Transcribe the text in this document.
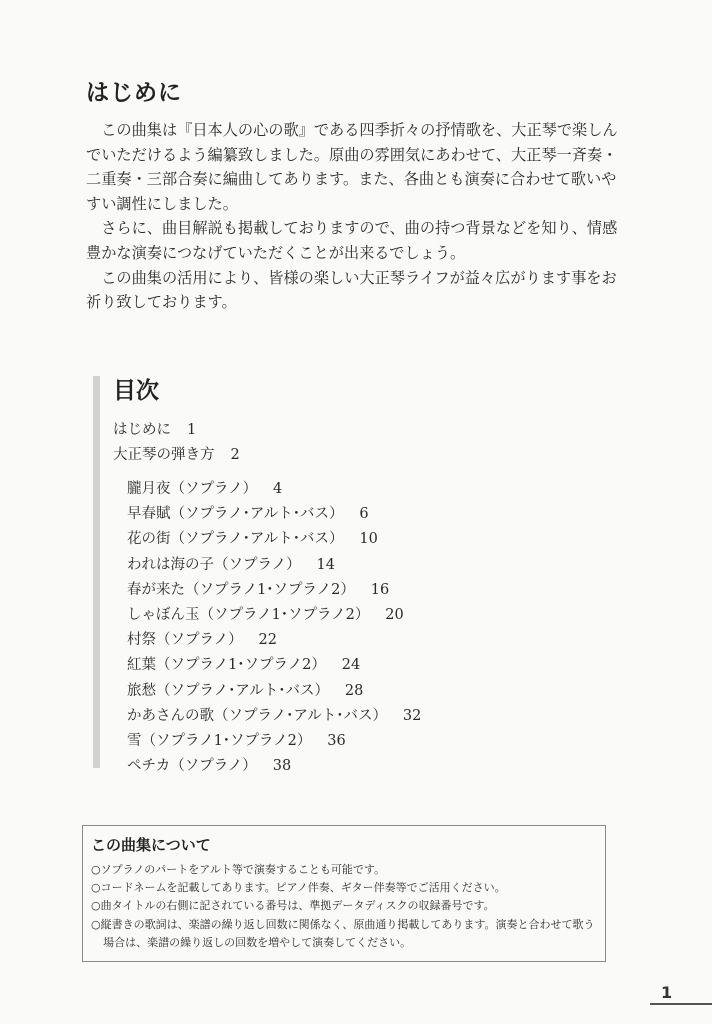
はじめに

この曲集は『日本人の心の歌』である四季折々の抒情歌を、大正琴で楽しんでいただけるよう編纂致しました。原曲の雰囲気にあわせて、大正琴一斉奏・二重奏・三部合奏に編曲してあります。また、各曲とも演奏に合わせて歌いやすい調性にしました。

さらに、曲目解説も掲載しておりますので、曲の持つ背景などを知り、情感豊かな演奏につなげていただくことが出来るでしょう。

この曲集の活用により、皆様の楽しい大正琴ライフが益々広がります事をお祈り致しております。

目次
はじめに 1
大正琴の弾き方 2
朧月夜（ソプラノ） 4
早春賦（ソプラノ･アルト･バス） 6
花の街（ソプラノ･アルト･バス） 10
われは海の子（ソプラノ） 14
春が来た（ソプラノ1･ソプラノ2） 16
しゃぼん玉（ソプラノ1･ソプラノ2） 20
村祭（ソプラノ） 22
紅葉（ソプラノ1･ソプラノ2） 24
旅愁（ソプラノ･アルト･バス） 28
かあさんの歌（ソプラノ･アルト･バス） 32
雪（ソプラノ1･ソプラノ2） 36
ペチカ（ソプラノ） 38
この曲集について
○ソプラノのパートをアルト等で演奏することも可能です。
○コードネームを記載してあります。ピアノ伴奏、ギター伴奏等でご活用ください。
○曲タイトルの右側に記されている番号は、準拠データディスクの収録番号です。
○縦書きの歌詞は、楽譜の繰り返し回数に関係なく、原曲通り掲載してあります。演奏と合わせて歌う場合は、楽譜の繰り返しの回数を増やして演奏してください。
1
